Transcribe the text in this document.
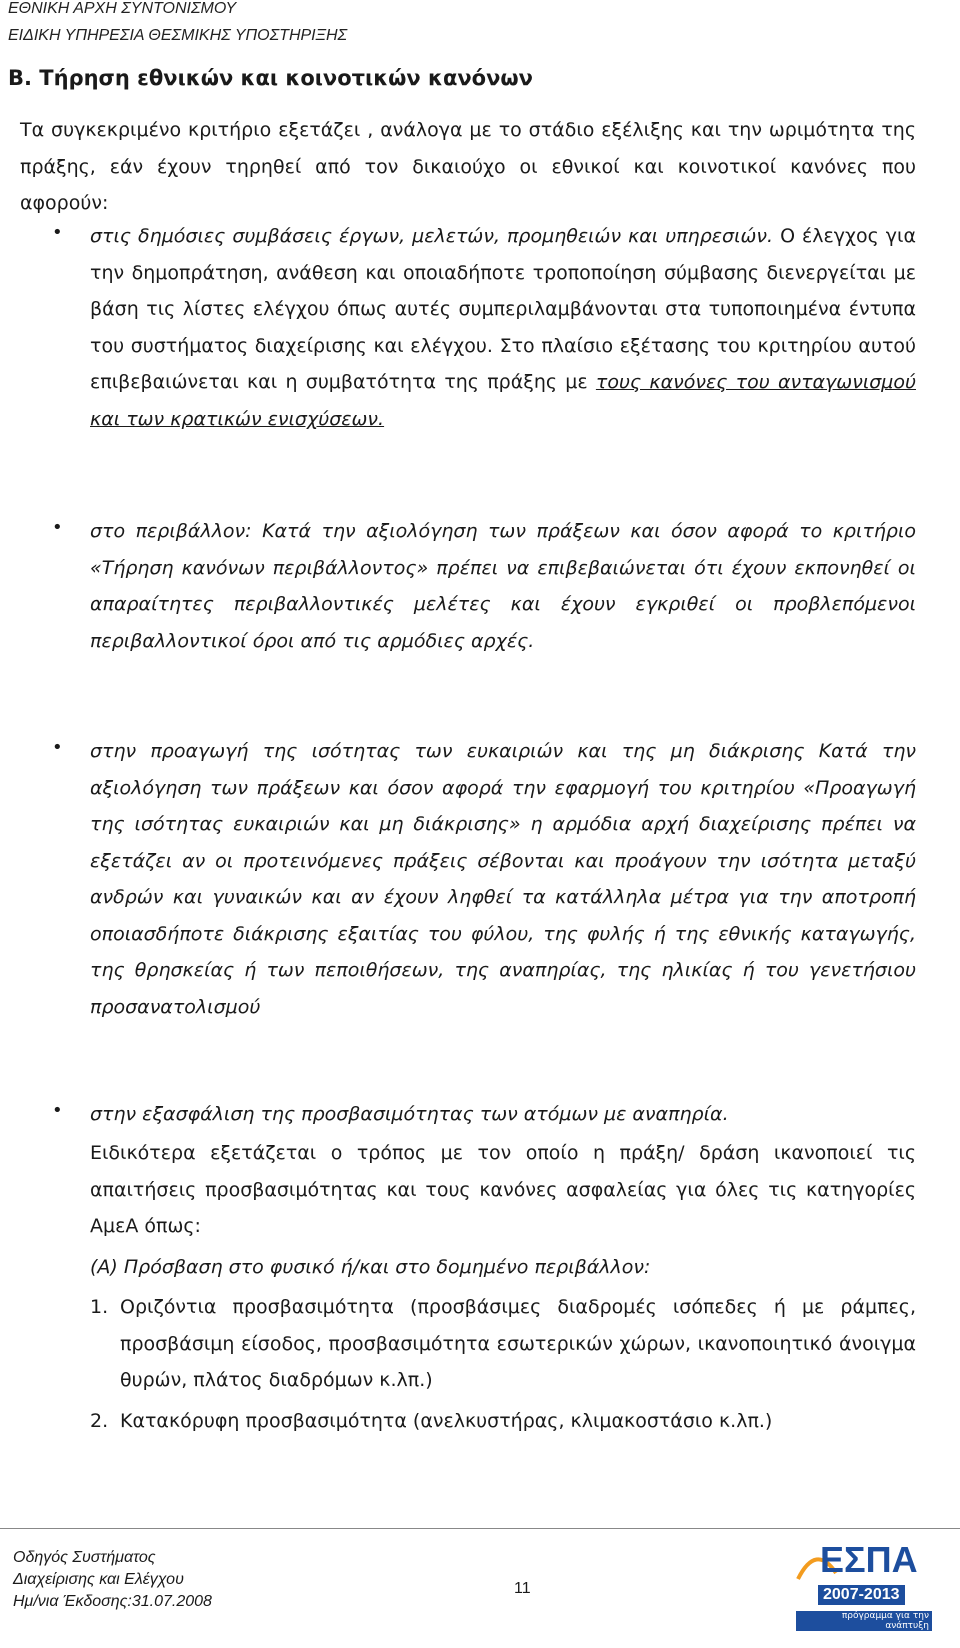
ΕΘΝΙΚΗ ΑΡΧΗ ΣΥΝΤΟΝΙΣΜΟΥ
ΕΙΔΙΚΗ ΥΠΗΡΕΣΙΑ ΘΕΣΜΙΚΗΣ ΥΠΟΣΤΗΡΙΞΗΣ
Β. Τήρηση εθνικών και κοινοτικών κανόνων
Τα συγκεκριμένο κριτήριο εξετάζει , ανάλογα με το στάδιο εξέλιξης και την ωριμότητα της πράξης, εάν έχουν τηρηθεί από τον δικαιούχο οι εθνικοί και κοινοτικοί κανόνες που αφορούν:
• στις δημόσιες συμβάσεις έργων, μελετών, προμηθειών και υπηρεσιών. Ο έλεγχος για την δημοπράτηση, ανάθεση και οποιαδήποτε τροποποίηση σύμβασης διενεργείται με βάση τις λίστες ελέγχου όπως αυτές συμπεριλαμβάνονται στα τυποποιημένα έντυπα του συστήματος διαχείρισης και ελέγχου. Στο πλαίσιο εξέτασης του κριτηρίου αυτού επιβεβαιώνεται και η συμβατότητα της πράξης με τους κανόνες του ανταγωνισμού και των κρατικών ενισχύσεων.
• στο περιβάλλον: Κατά την αξιολόγηση των πράξεων και όσον αφορά το κριτήριο «Τήρηση κανόνων περιβάλλοντος» πρέπει να επιβεβαιώνεται ότι έχουν εκπονηθεί οι απαραίτητες περιβαλλοντικές μελέτες και έχουν εγκριθεί οι προβλεπόμενοι περιβαλλοντικοί όροι από τις αρμόδιες αρχές.
• στην προαγωγή της ισότητας των ευκαιριών και της μη διάκρισης Κατά την αξιολόγηση των πράξεων και όσον αφορά την εφαρμογή του κριτηρίου «Προαγωγή της ισότητας ευκαιριών και μη διάκρισης» η αρμόδια αρχή διαχείρισης πρέπει να εξετάζει αν οι προτεινόμενες πράξεις σέβονται και προάγουν την ισότητα μεταξύ ανδρών και γυναικών και αν έχουν ληφθεί τα κατάλληλα μέτρα για την αποτροπή οποιασδήποτε διάκρισης εξαιτίας του φύλου, της φυλής ή της εθνικής καταγωγής, της θρησκείας ή των πεποιθήσεων, της αναπηρίας, της ηλικίας ή του γενετήσιου προσανατολισμού
• στην εξασφάλιση της προσβασιμότητας των ατόμων με αναπηρία.
Ειδικότερα εξετάζεται ο τρόπος με τον οποίο η πράξη/ δράση ικανοποιεί τις απαιτήσεις προσβασιμότητας και τους κανόνες ασφαλείας για όλες τις κατηγορίες ΑμεΑ όπως:
(Α) Πρόσβαση στο φυσικό ή/και στο δομημένο περιβάλλον:
1. Οριζόντια προσβασιμότητα (προσβάσιμες διαδρομές ισόπεδες ή με ράμπες, προσβάσιμη είσοδος, προσβασιμότητα εσωτερικών χώρων, ικανοποιητικό άνοιγμα θυρών, πλάτος διαδρόμων κ.λπ.)
2. Κατακόρυφη προσβασιμότητα (ανελκυστήρας, κλιμακοστάσιο κ.λπ.)
Οδηγός Συστήματος
Διαχείρισης και Ελέγχου
Ημ/νια Έκδοσης:31.07.2008
11
ΕΣΠΑ
2007-2013
πρόγραμμα για την ανάπτυξη
